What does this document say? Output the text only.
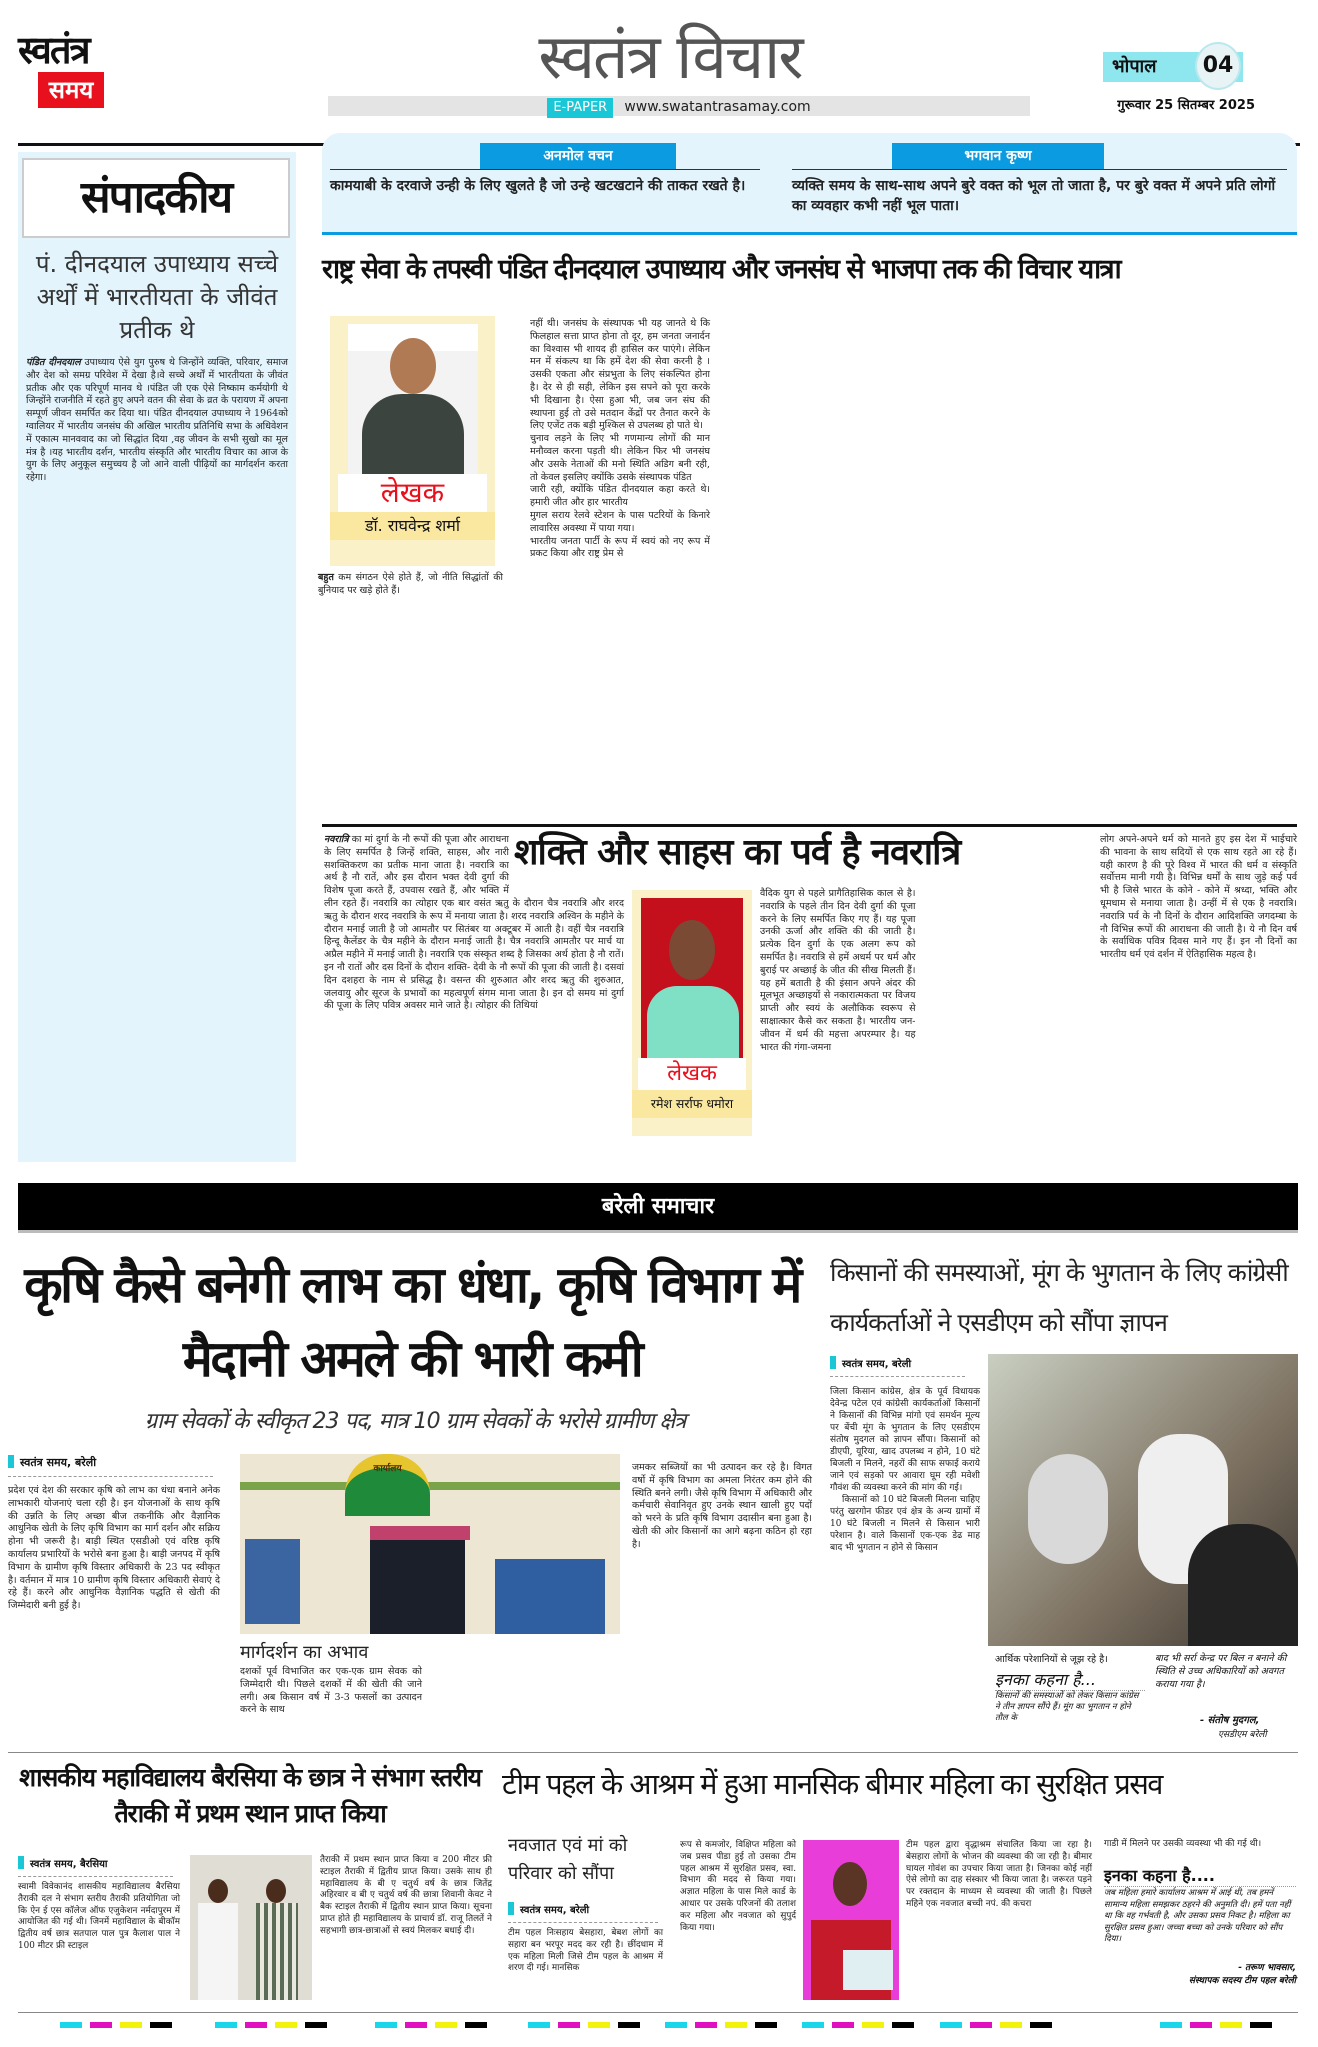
स्वतंत्र
समय	स्वतंत्र विचार
E-PAPER www.swatantrasamay.com
भोपाल	04
गुरूवार 25 सितम्बर 2025
संपादकीय
पं. दीनदयाल उपाध्याय सच्चे अर्थों में भारतीयता के जीवंत प्रतीक थे
पंडित दीनदयाल उपाध्याय ऐसे युग पुरुष थे जिन्होंने व्यक्ति, परिवार, समाज और देश को समग्र परिवेश में देखा है।वे सच्चे अर्थों में भारतीयता के जीवंत प्रतीक और एक परिपूर्ण मानव थे ।पंडित जी एक ऐसे निष्काम कर्मयोगी थे जिन्होंने राजनीति में रहते हुए अपने वतन की सेवा के व्रत के परायण में अपना सम्पूर्ण जीवन समर्पित कर दिया था। पंडित दीनदयाल उपाध्याय ने 1964को ग्वालियर में भारतीय जनसंघ की अखिल भारतीय प्रतिनिधि सभा के अधिवेशन में एकात्म मानववाद का जो सिद्धांत दिया ,वह जीवन के सभी सुखो का मूल मंत्र है ।यह भारतीय दर्शन, भारतीय संस्कृति और भारतीय विचार का आज के युग के लिए अनुकूल समुच्चय है जो आने वाली पीढ़ियों का मार्गदर्शन करता रहेगा।
अनमोल वचन
कामयाबी के दरवाजे उन्ही के लिए खुलते है जो उन्हे खटखटाने की ताकत रखते है।
भगवान कृष्ण
व्यक्ति समय के साथ-साथ अपने बुरे वक्त को भूल तो जाता है, पर बुरे वक्त में अपने प्रति लोगों का व्यवहार कभी नहीं भूल पाता।
राष्ट्र सेवा के तपस्वी पंडित दीनदयाल उपाध्याय और जनसंघ से भाजपा तक की विचार यात्रा
लेखक
डॉ. राघवेन्द्र शर्मा
बहुत कम संगठन ऐसे होते हैं, जो नीति सिद्धांतों की बुनियाद पर खड़े होते हैं।

नहीं थी। जनसंघ के संस्थापक भी यह जानते थे कि फिलहाल सत्ता प्राप्त होना तो दूर, हम जनता जनार्दन का विश्वास भी शायद ही हासिल कर पाएंगे। लेकिन मन में संकल्प था कि हमें देश की सेवा करनी है । उसकी एकता और संप्रभुता के लिए संकल्पित होना है। देर से ही सही, लेकिन इस सपने को पूरा करके भी दिखाना है। ऐसा हुआ भी, जब जन संघ की स्थापना हुई तो उसे मतदान केंद्रों पर तैनात करने के लिए एजेंट तक बड़ी मुश्किल से उपलब्ध हो पाते थे।

चुनाव लड़ने के लिए भी गणमान्य लोगों की मान मनौव्वल करना पड़ती थी। लेकिन फिर भी जनसंघ और उसके नेताओं की मनो स्थिति अडिग बनी रही, तो केवल इसलिए क्योंकि उसके संस्थापक पंडित

जारी रही, क्योंकि पंडित दीनदयाल कहा करते थे। हमारी जीत और हार भारतीय

मुगल सराय रेलवे स्टेशन के पास पटरियों के किनारे लावारिस अवस्था में पाया गया।

भारतीय जनता पार्टी के रूप में स्वयं को नए रूप में प्रकट किया और राष्ट्र प्रेम से

नवरात्रि का मां दुर्गा के नौ रूपों की पूजा और आराधना के लिए समर्पित है जिन्हें शक्ति, साहस, और नारी सशक्तिकरण का प्रतीक माना जाता है। नवरात्रि का अर्थ है नौ रातें, और इस दौरान भक्त देवी दुर्गा की विशेष पूजा करते हैं, उपवास रखते हैं, और भक्ति में लीन रहते हैं। नवरात्रि का त्योहार एक बार वसंत ऋतु के दौरान चैत्र नवरात्रि और शरद ऋतु के दौरान शरद नवरात्रि के रूप में मनाया जाता है। शरद नवरात्रि अश्विन के महीने के दौरान मनाई जाती है जो आमतौर पर सितंबर या अक्टूबर में आती है। वहीं चैत्र नवरात्रि हिन्दू कैलेंडर के चैत्र महीने के दौरान मनाई जाती है। चैत्र नवरात्रि आमतौर पर मार्च या अप्रैल महीने में मनाई जाती है। नवरात्रि एक संस्कृत शब्द है जिसका अर्थ होता है नौ रातें। इन नौ रातों और दस दिनों के दौरान शक्ति- देवी के नौ रूपों की पूजा की जाती है। दसवां दिन दशहरा के नाम से प्रसिद्ध है। वसन्त की शुरुआत और शरद ऋतु की शुरुआत, जलवायु और सूरज के प्रभावों का महत्वपूर्ण संगम माना जाता है। इन दो समय मां दुर्गा की पूजा के लिए पवित्र अवसर माने जाते है। त्योहार की तिथियां
शक्ति और साहस का पर्व है नवरात्रि
लेखक
रमेश सर्राफ धमोरा
वैदिक युग से पहले प्रागैतिहासिक काल से है। नवरात्रि के पहले तीन दिन देवी दुर्गा की पूजा करने के लिए समर्पित किए गए हैं। यह पूजा उनकी ऊर्जा और शक्ति की की जाती है। प्रत्येक दिन दुर्गा के एक अलग रूप को समर्पित है। नवरात्रि से हमें अधर्म पर धर्म और बुराई पर अच्छाई के जीत की सीख मिलती हैं। यह हमें बताती है की इंसान अपने अंदर की मूलभूत अच्छाइयों से नकारात्मकता पर विजय प्राप्ती और स्वयं के अलौकिक स्वरूप से साक्षात्कार कैसे कर सकता है। भारतीय जन-जीवन में धर्म की महत्ता अपरम्पार है। यह भारत की गंगा-जमना
लोग अपने-अपने धर्म को मानते हुए इस देश में भाईचारे की भावना के साथ सदियों से एक साथ रहते आ रहे हैं। यही कारण है की पूरे विश्व में भारत की धर्म व संस्कृति सर्वोत्तम मानी गयी है। विभिन्न धर्मों के साथ जुड़े कई पर्व भी है जिसे भारत के कोने - कोने में श्रध्दा, भक्ति और धूमधाम से मनाया जाता है। उन्हीं में से एक है नवरात्रि। नवरात्रि पर्व के नौ दिनों के दौरान आदिशक्ति जगदम्बा के नौ विभिन्न रूपों की आराधना की जाती है। ये नौ दिन वर्ष के सर्वाधिक पवित्र दिवस माने गए हैं। इन नौ दिनों का भारतीय धर्म एवं दर्शन में ऐतिहासिक महत्व है।
बरेली समाचार
कृषि कैसे बनेगी लाभ का धंधा, कृषि विभाग में मैदानी अमले की भारी कमी
ग्राम सेवकों के स्वीकृत 23 पद, मात्र 10 ग्राम सेवकों के भरोसे ग्रामीण क्षेत्र
स्वतंत्र समय, बरेली
प्रदेश एवं देश की सरकार कृषि को लाभ का धंधा बनाने अनेक लाभकारी योजनाएं चला रही है। इन योजनाओं के साथ कृषि की उन्नति के लिए अच्छा बीज तकनीकि और वैज्ञानिक आधुनिक खेती के लिए कृषि विभाग का मार्ग दर्शन और सक्रिय होना भी जरूरी है। बाड़ी स्थित एसडीओ एवं वरिष्ठ कृषि कार्यालय प्रभारियों के भरोसे बना हुआ है। बाड़ी जनपद में कृषि विभाग के ग्रामीण कृषि विस्तार अधिकारी के 23 पद स्वीकृत है। वर्तमान में मात्र 10 ग्रामीण कृषि विस्तार अधिकारी सेवाएं दे रहे हैं। करने और आधुनिक वैज्ञानिक पद्धति से खेती की जिम्मेदारी बनी हुई है।
$^{कार्यालय}$
मार्गदर्शन का अभाव
दशकों पूर्व विभाजित कर एक-एक ग्राम सेवक को जिम्मेदारी थी। पिछले दशकों में की खेती की जाने लगी। अब किसान वर्ष में 3-3 फसलों का उत्पादन करने के साथ
जमकर सब्जियों का भी उत्पादन कर रहे है। विगत वर्षो में कृषि विभाग का अमला निरंतर कम होने की स्थिति बनने लगी। जैसे कृषि विभाग में अधिकारी और कर्मचारी सेवानिवृत हुए उनके स्थान खाली हुए पदों को भरने के प्रति कृषि विभाग उदासीन बना हुआ है। खेती की ओर किसानों का आगे बढ़ना कठिन हो रहा है।
किसानों की समस्याओं, मूंग के भुगतान के लिए कांग्रेसी कार्यकर्ताओं ने एसडीएम को सौंपा ज्ञापन
स्वतंत्र समय, बरेली

जिला किसान कांग्रेस, क्षेत्र के पूर्व विधायक देवेन्द्र पटेल एवं कांग्रेसी कार्यकर्ताओं किसानों ने किसानों की विभिन्न मांगो एवं समर्थन मूल्य पर बेंची मूंग के भुगतान के लिए एसडीएम संतोष मुदगल को ज्ञापन सौंपा। किसानों को डीएपी, यूरिया, खाद उपलब्ध न होने, 10 घंटे बिजली न मिलने, नहरों की साफ सफाई कराये जाने एवं सड़को पर आवारा घूम रही मवेशी गौवंश की व्यवस्था करने की मांग की गई।

किसानों को 10 घंटे बिजली मिलना चाहिए परंतु खरगोन फीडर एवं क्षेत्र के अन्य ग्रामों में 10 घंटे बिजली न मिलने से किसान भारी परेशान है। वाले किसानों एक-एक डेढ माह बाद भी भुगतान न होने से किसान

आर्थिक परेशानियों से जूझ रहे है।	बाद भी सर्रा केन्द्र पर बिल न बनाने की स्थिति से उच्च अधिकारियों को अवगत कराया गया है।
इनका कहना है...
किसानों की समस्याओं को लेकर किसान कांग्रेस ने तीन ज्ञापन सौंपे हैं। मूंग का भुगतान न होने तौल के	- संतोष मुदगल,
एसडीएम बरेली
शासकीय महाविद्यालय बैरसिया के छात्र ने संभाग स्तरीय तैराकी में प्रथम स्थान प्राप्त किया
स्वतंत्र समय, बैरसिया
स्वामी विवेकानंद शासकीय महाविद्यालय बैरसिया तैराकी दल ने संभाग स्तरीय तैराकी प्रतियोगिता जो कि ऐन ई एस कॉलेज ऑफ एजुकेशन नर्मदापुरम में आयोजित की गई थी। जिनमें महाविद्याल के बीकॉम द्वितीय वर्ष छात्र सतपाल पाल पुत्र कैलाश पाल ने 100 मीटर फ्री स्टाइल
तैराकी में प्रथम स्थान प्राप्त किया व 200 मीटर फ्री स्टाइल तैराकी में द्वितीय प्राप्त किया। उसके साथ ही महाविद्यालय के बी ए चतुर्थ वर्ष के छात्र जितेंद्र अहिरवार व बी ए चतुर्थ वर्ष की छात्रा शिवानी केवट ने बैक स्टाइल तैराकी में द्वितीय स्थान प्राप्त किया। सूचना प्राप्त होते ही महाविद्यालय के प्राचार्य डॉ. राजू तिलतें ने सहभागी छात्र-छात्राओं से स्वयं मिलकर बधाई दी।
टीम पहल के आश्रम में हुआ मानसिक बीमार महिला का सुरक्षित प्रसव
नवजात एवं मां को परिवार को सौंपा
स्वतंत्र समय, बरेली
टीम पहल निःसहाय बेसहारा, बेबश लोगों का सहारा बन भरपूर मदद कर रही है। छींदधाम में एक महिला मिली जिसे टीम पहल के आश्रम में शरण दी गई। मानसिक
रूप से कमजोर, विक्षिप्त महिला को जब प्रसव पीडा हुई तो उसका टीम पहल आश्रम में सुरक्षित प्रसव, स्वा. विभाग की मदद से किया गया। अज्ञात महिला के पास मिले कार्ड के आधार पर उसके परिजनों की तलाश कर महिला और नवजात को सुपुर्द किया गया।
टीम पहल द्वारा वृद्धाश्रम संचालित किया जा रहा है। बेसहारा लोगों के भोजन की व्यवस्था की जा रही है। बीमार घायल गोवंश का उपचार किया जाता है। जिनका कोई नहीं ऐसे लोगो का दाह संस्कार भी किया जाता है। जरूरत पड़ने पर रक्तदान के माध्यम से व्यवस्था की जाती है। पिछले महिने एक नवजात बच्ची नपं. की कचरा
गाडी में मिलने पर उसकी व्यवस्था भी की गई थी।
इनका कहना है....
जब महिला हमारे कार्यालय आश्रम में आई थी, तब हमनें सामान्य महिला समझकर ठहरने की अनुमति दी। हमें पता नहीं था कि वह गर्भवती है, और उसका प्रसव निकट है। महिला का सुरक्षित प्रसव हुआ। जच्चा बच्चा को उनके परिवार को सौंप दिया।
- तरूण भावसार,
संस्थापक सदस्य टीम पहल बरेली
